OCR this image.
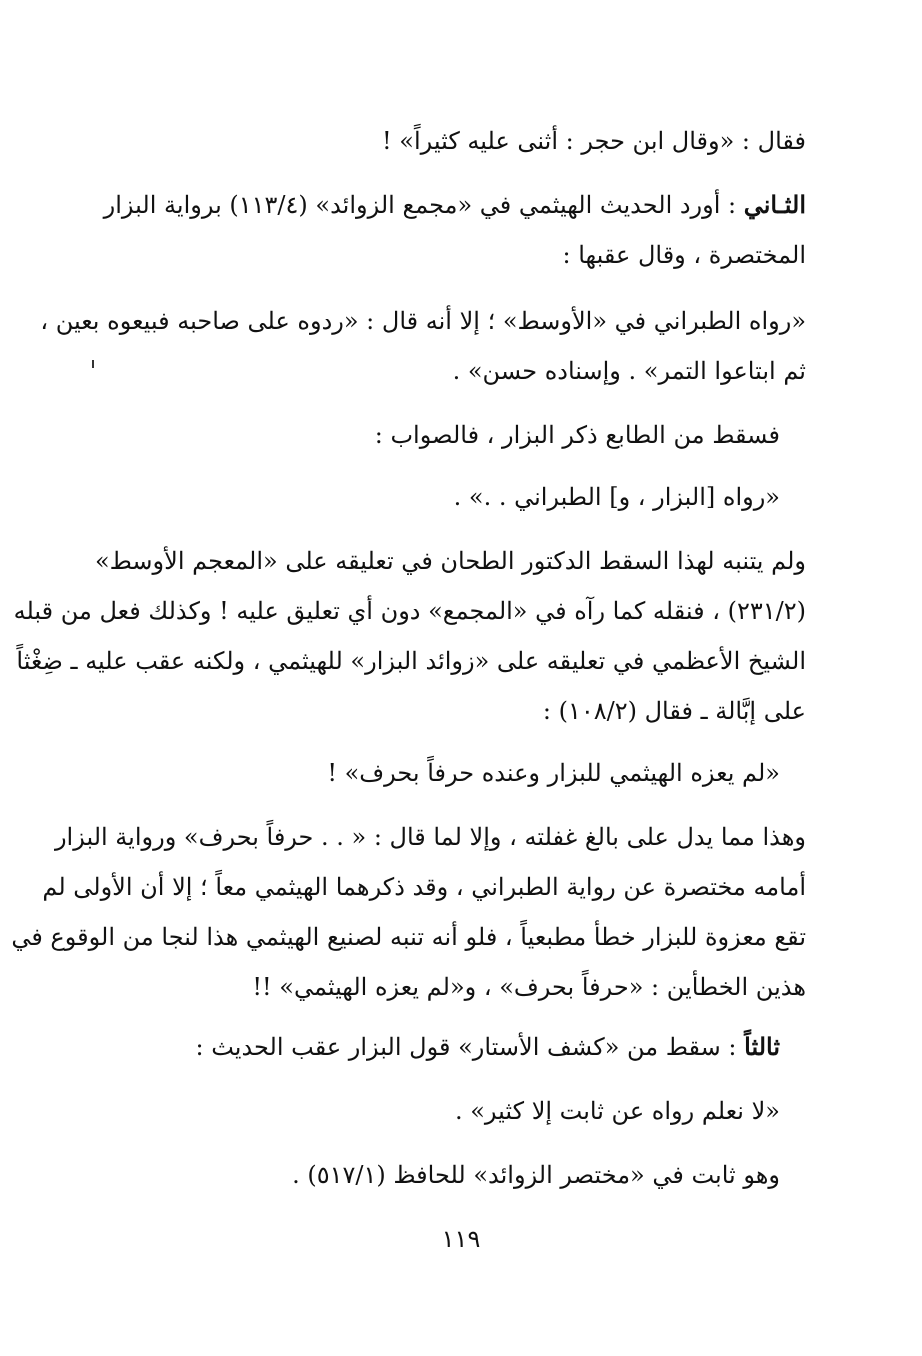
فقال : «وقال ابن حجر : أثنى عليه كثيراً» !
الثـاني : أورد الحديث الهيثمي في «مجمع الزوائد» (١١٣/٤) برواية البزار
المختصرة ، وقال عقبها :
«رواه الطبراني في «الأوسط» ؛ إلا أنه قال : «ردوه على صاحبه فبيعوه بعين ،
ثم ابتاعوا التمر» . وإسناده حسن» .
فسقط من الطابع ذكر البزار ، فالصواب :
«رواه [البزار ، و] الطبراني . .» .
ولم يتنبه لهذا السقط الدكتور الطحان في تعليقه على «المعجم الأوسط»
(٢٣١/٢) ، فنقله كما رآه في «المجمع» دون أي تعليق عليه ! وكذلك فعل من قبله
الشيخ الأعظمي في تعليقه على «زوائد البزار» للهيثمي ، ولكنه عقب عليه ـ ضِغْثاً
على إبَّالة ـ فقال (١٠٨/٢) :
«لم يعزه الهيثمي للبزار وعنده حرفاً بحرف» !
وهذا مما يدل على بالغ غفلته ، وإلا لما قال : « . . حرفاً بحرف» ورواية البزار
أمامه مختصرة عن رواية الطبراني ، وقد ذكرهما الهيثمي معاً ؛ إلا أن الأولى لم
تقع معزوة للبزار خطأ مطبعياً ، فلو أنه تنبه لصنيع الهيثمي هذا لنجا من الوقوع في
هذين الخطأين : «حرفاً بحرف» ، و«لم يعزه الهيثمي» !!
ثالثاً : سقط من «كشف الأستار» قول البزار عقب الحديث :
«لا نعلم رواه عن ثابت إلا كثير» .
وهو ثابت في «مختصر الزوائد» للحافظ (٥١٧/١) .
١١٩
